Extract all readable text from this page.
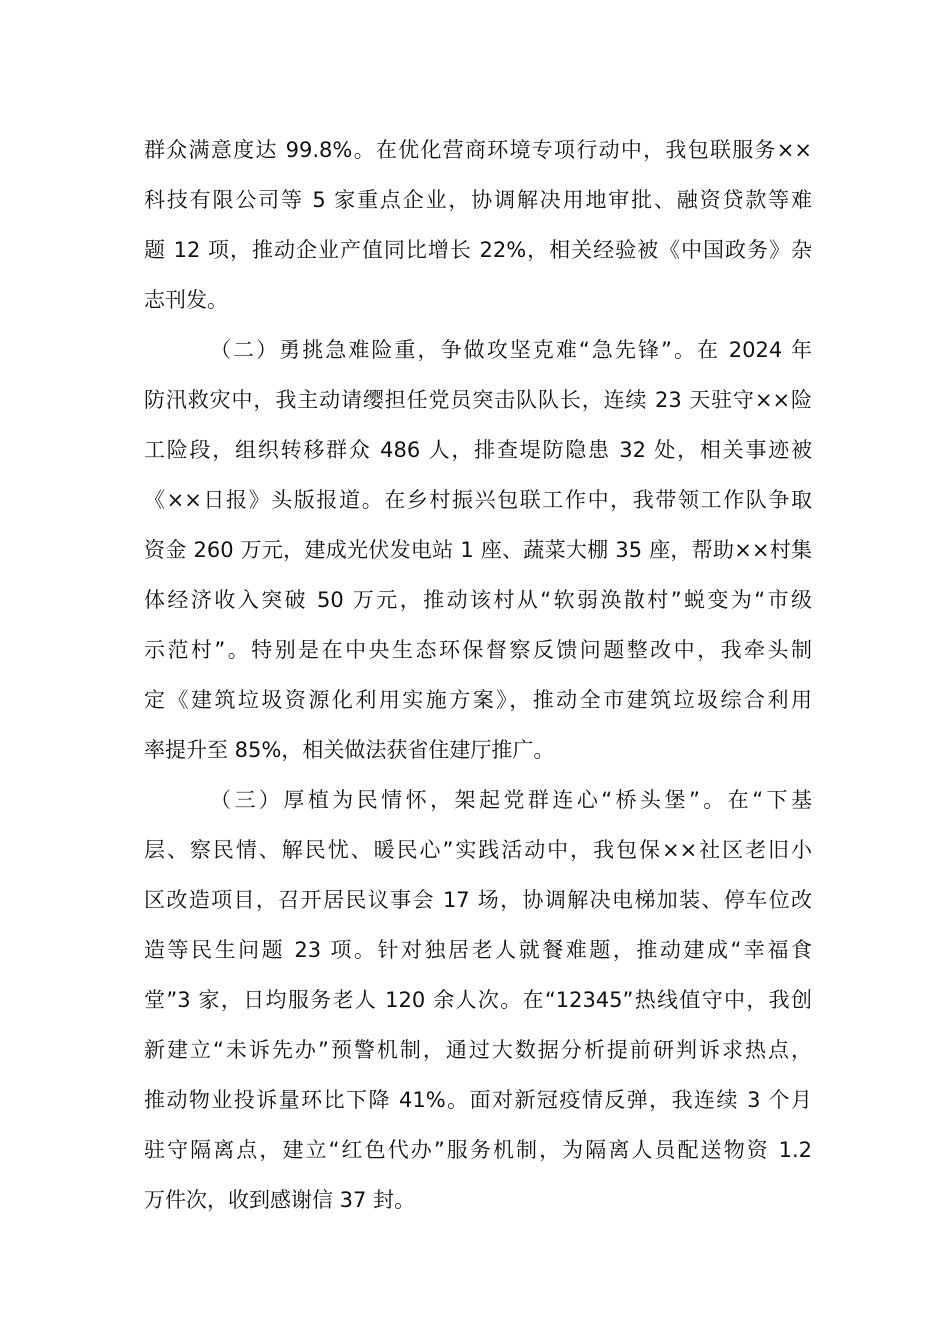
群众满意度达 99.8%。在优化营商环境专项行动中，我包联服务××
科技有限公司等 5 家重点企业，协调解决用地审批、融资贷款等难
题 12 项，推动企业产值同比增长 22%，相关经验被《中国政务》杂
志刊发。
（二）勇挑急难险重，争做攻坚克难“急先锋”。在 2024 年
防汛救灾中，我主动请缨担任党员突击队队长，连续 23 天驻守××险
工险段，组织转移群众 486 人，排查堤防隐患 32 处，相关事迹被
《××日报》头版报道。在乡村振兴包联工作中，我带领工作队争取
资金 260 万元，建成光伏发电站 1 座、蔬菜大棚 35 座，帮助××村集
体经济收入突破 50 万元，推动该村从“软弱涣散村”蜕变为“市级
示范村”。特别是在中央生态环保督察反馈问题整改中，我牵头制
定《建筑垃圾资源化利用实施方案》，推动全市建筑垃圾综合利用
率提升至 85%，相关做法获省住建厅推广。
（三）厚植为民情怀，架起党群连心“桥头堡”。在“下基
层、察民情、解民忧、暖民心”实践活动中，我包保××社区老旧小
区改造项目，召开居民议事会 17 场，协调解决电梯加装、停车位改
造等民生问题 23 项。针对独居老人就餐难题，推动建成“幸福食
堂”3 家，日均服务老人 120 余人次。在“12345”热线值守中，我创
新建立“未诉先办”预警机制，通过大数据分析提前研判诉求热点，
推动物业投诉量环比下降 41%。面对新冠疫情反弹，我连续 3 个月
驻守隔离点，建立“红色代办”服务机制，为隔离人员配送物资 1.2
万件次，收到感谢信 37 封。
